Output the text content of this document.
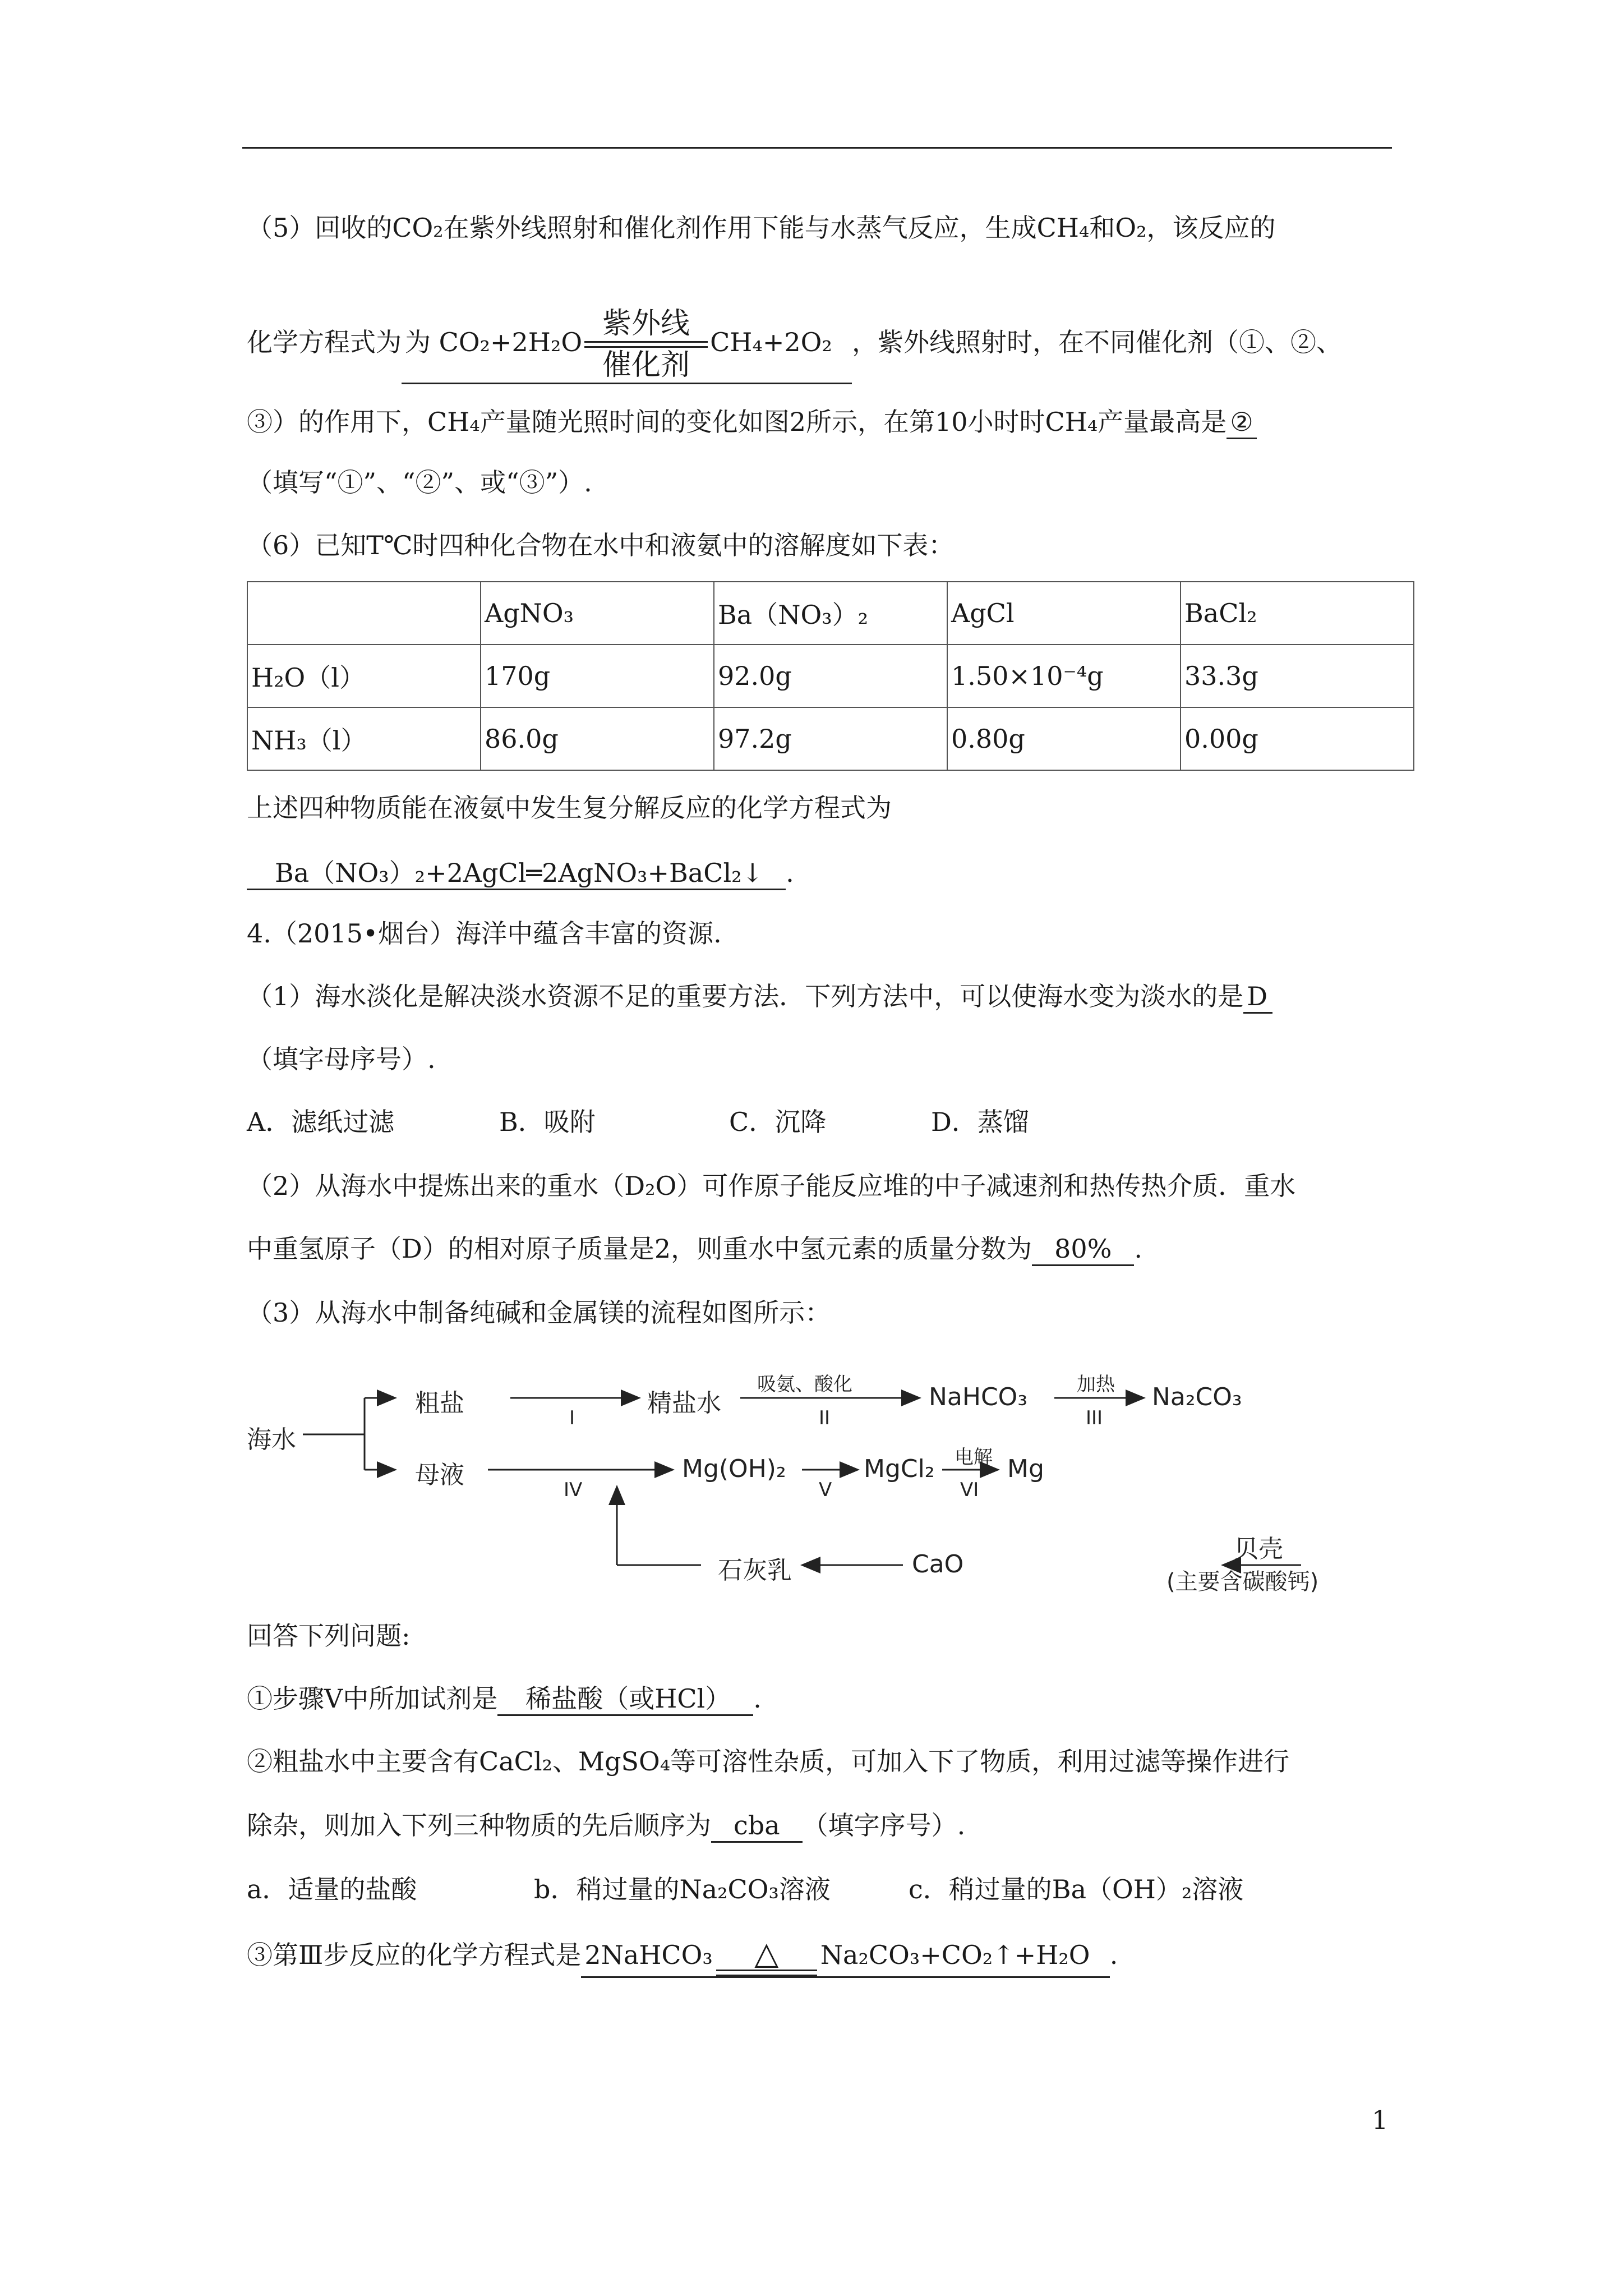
（5）回收的CO₂在紫外线照射和催化剂作用下能与水蒸气反应，生成CH₄和O₂，该反应的
化学方程式为 为 CO₂+2H₂O
紫外线
催化剂
CH₄+2O₂ ，紫外线照射时，在不同催化剂（①、②、
③）的作用下，CH₄产量随光照时间的变化如图2所示，在第10小时时CH₄产量最高是 ②
（填写“①”、“②”、或“③”）.
（6）已知T℃时四种化合物在水中和液氨中的溶解度如下表：
	AgNO₃	Ba（NO₃）₂	AgCl	BaCl₂
H₂O（l）	170g	92.0g	1.50×10⁻⁴g	33.3g
NH₃（l）	86.0g	97.2g	0.80g	0.00g
上述四种物质能在液氨中发生复分解反应的化学方程式为
Ba（NO₃）₂+2AgCl═2AgNO₃+BaCl₂↓ .
4.（2015•烟台）海洋中蕴含丰富的资源.
（1）海水淡化是解决淡水资源不足的重要方法．下列方法中，可以使海水变为淡水的是 D
（填字母序号）.
A．滤纸过滤	B．吸附	C．沉降	D．蒸馏
（2）从海水中提炼出来的重水（D₂O）可作原子能反应堆的中子减速剂和热传热介质．重水
中重氢原子（D）的相对原子质量是2，则重水中氢元素的质量分数为 80% .
（3）从海水中制备纯碱和金属镁的流程如图所示：
海水
粗盐
I
精盐水
吸氨、酸化
II
NaHCO₃	加热
III
Na₂CO₃
母液
IV
Mg(OH)₂
V
MgCl₂ 电解
VI
Mg
石灰乳	CaO
贝壳
(主要含碳酸钙)
回答下列问题:
①步骤Ⅴ中所加试剂是 稀盐酸（或HCl） .
②粗盐水中主要含有CaCl₂、MgSO₄等可溶性杂质，可加入下了物质，利用过滤等操作进行
除杂，则加入下列三种物质的先后顺序为 cba （填字序号）.
a．适量的盐酸	b．稍过量的Na₂CO₃溶液	c．稍过量的Ba（OH）₂溶液
③第Ⅲ步反应的化学方程式是 2NaHCO₃ △ Na₂CO₃+CO₂↑+H₂O .
1
